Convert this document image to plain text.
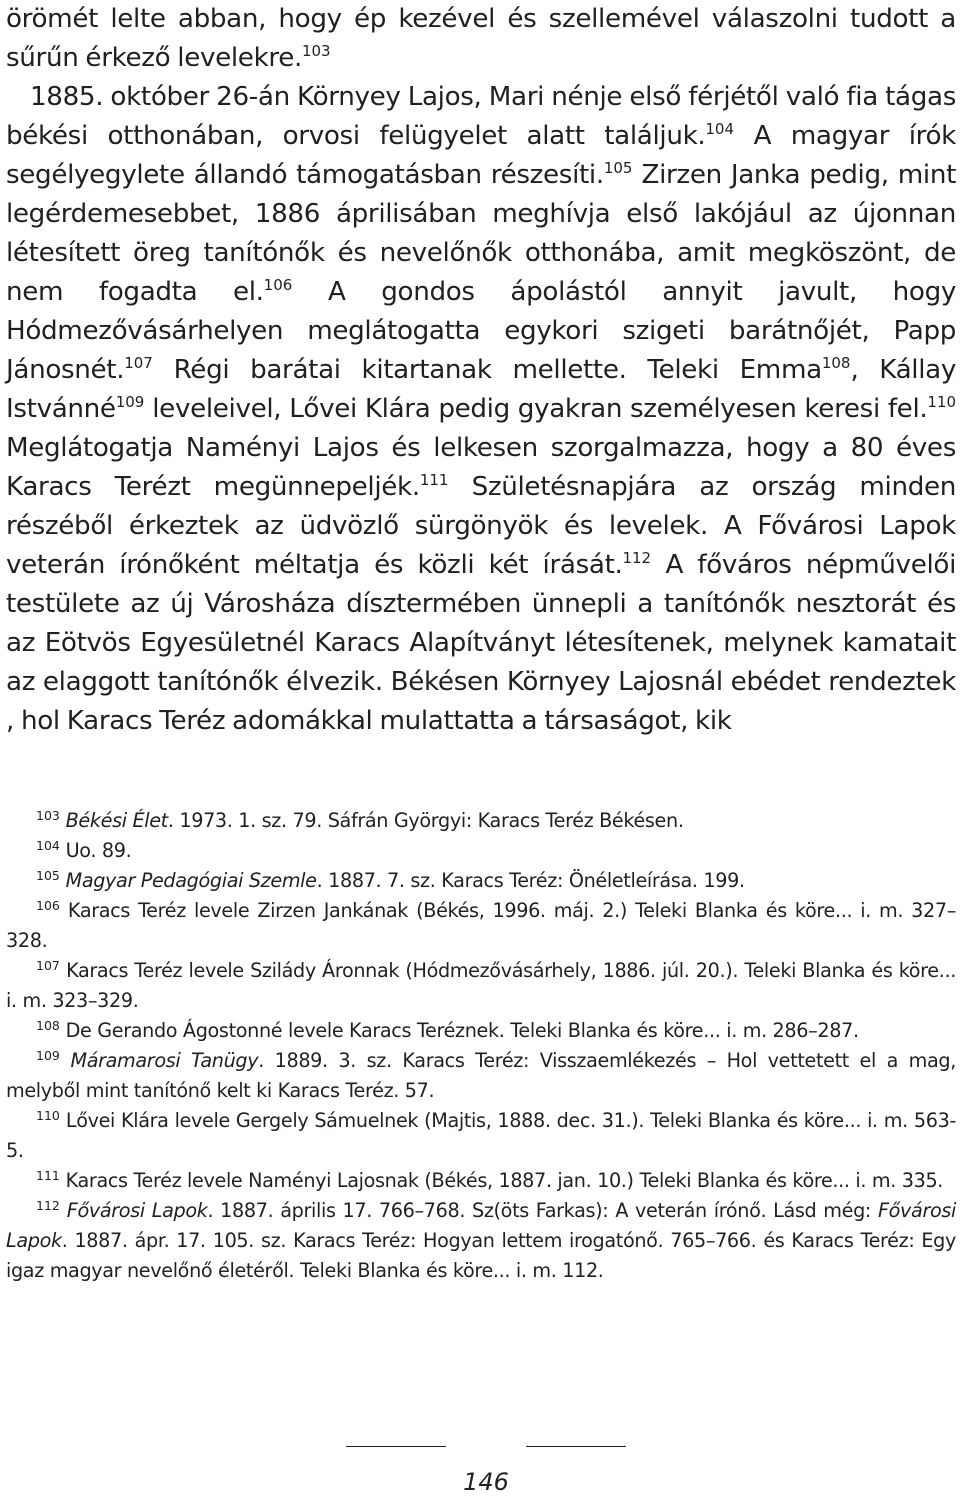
örömét lelte abban, hogy ép kezével és szellemével válaszolni tudott a sűrűn érkező levelekre.$^{103}$

1885. október 26-án Környey Lajos, Mari nénje első férjétől való fia tágas békési otthonában, orvosi felügyelet alatt találjuk.$^{104}$ A magyar írók segélyegylete állandó támogatásban részesíti.$^{105}$ Zirzen Janka pedig, mint legérdemesebbet, 1886 áprilisában meghívja első lakójául az újonnan létesített öreg tanítónők és nevelőnők otthonába, amit megköszönt, de nem fogadta el.$^{106}$ A gondos ápolástól annyit javult, hogy Hódmezővásárhelyen meglátogatta egykori szigeti barátnőjét, Papp Jánosnét.$^{107}$ Régi barátai kitartanak mellette. Teleki Emma$^{108}$, Kállay Istvánné$^{109}$ leveleivel, Lővei Klára pedig gyakran személyesen keresi fel.$^{110}$ Meglátogatja Naményi Lajos és lelkesen szorgalmazza, hogy a 80 éves Karacs Terézt megünnepeljék.$^{111}$ Születésnapjára az ország minden részéből érkeztek az üdvözlő sürgönyök és levelek. A Fővárosi Lapok veterán írónőként méltatja és közli két írását.$^{112}$ A főváros népművelői testülete az új Városháza dísztermében ünnepli a tanítónők nesztorát és az Eötvös Egyesületnél Karacs Alapítványt létesítenek, melynek kamatait az elaggott tanítónők élvezik. Békésen Környey Lajosnál ebédet rendeztek , hol Karacs Teréz adomákkal mulattatta a társaságot, kik

$^{103}$ Békési Élet. 1973. 1. sz. 79. Sáfrán Györgyi: Karacs Teréz Békésen.

$^{104}$ Uo. 89.

$^{105}$ Magyar Pedagógiai Szemle. 1887. 7. sz. Karacs Teréz: Önéletleírása. 199.

$^{106}$ Karacs Teréz levele Zirzen Jankának (Békés, 1996. máj. 2.) Teleki Blanka és köre... i. m. 327–328.

$^{107}$ Karacs Teréz levele Szilády Áronnak (Hódmezővásárhely, 1886. júl. 20.). Teleki Blanka és köre... i. m. 323–329.

$^{108}$ De Gerando Ágostonné levele Karacs Teréznek. Teleki Blanka és köre... i. m. 286–287.

$^{109}$ Máramarosi Tanügy. 1889. 3. sz. Karacs Teréz: Visszaemlékezés – Hol vettetett el a mag, melyből mint tanítónő kelt ki Karacs Teréz. 57.

$^{110}$ Lővei Klára levele Gergely Sámuelnek (Majtis, 1888. dec. 31.). Teleki Blanka és köre... i. m. 563-5.

$^{111}$ Karacs Teréz levele Naményi Lajosnak (Békés, 1887. jan. 10.) Teleki Blanka és köre... i. m. 335.

$^{112}$ Fővárosi Lapok. 1887. április 17. 766–768. Sz(öts Farkas): A veterán írónő. Lásd még: Fővárosi Lapok. 1887. ápr. 17. 105. sz. Karacs Teréz: Hogyan lettem irogatónő. 765–766. és Karacs Teréz: Egy igaz magyar nevelőnő életéről. Teleki Blanka és köre... i. m. 112.

146
